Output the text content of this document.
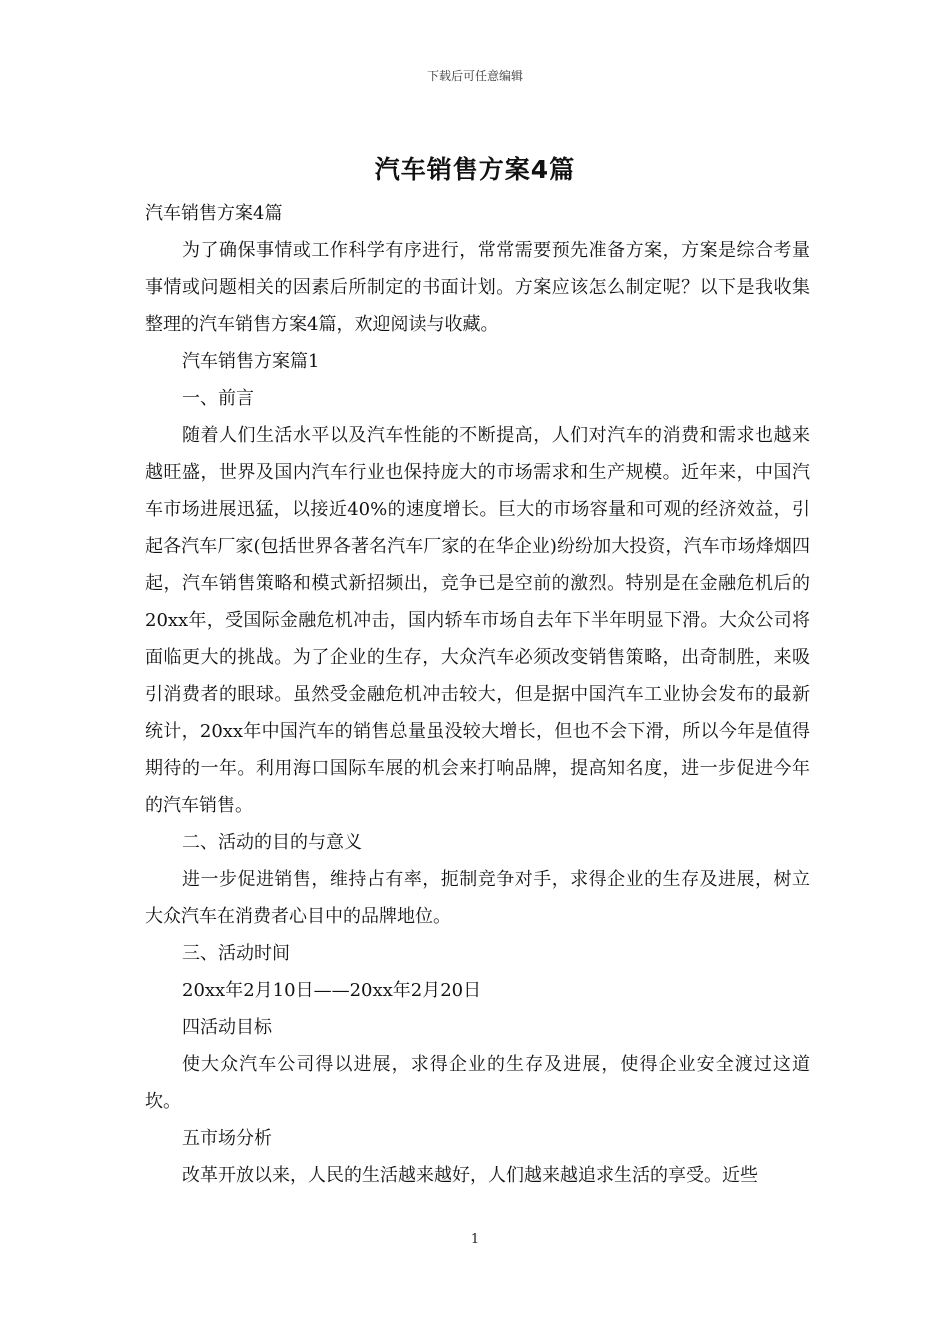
下载后可任意编辑
汽车销售方案4篇

汽车销售方案4篇

为了确保事情或工作科学有序进行，常常需要预先准备方案，方案是综合考量事情或问题相关的因素后所制定的书面计划。方案应该怎么制定呢？以下是我收集整理的汽车销售方案4篇，欢迎阅读与收藏。

汽车销售方案篇1

一、前言

随着人们生活水平以及汽车性能的不断提高，人们对汽车的消费和需求也越来越旺盛，世界及国内汽车行业也保持庞大的市场需求和生产规模。近年来，中国汽车市场进展迅猛，以接近40%的速度增长。巨大的市场容量和可观的经济效益，引起各汽车厂家(包括世界各著名汽车厂家的在华企业)纷纷加大投资，汽车市场烽烟四起，汽车销售策略和模式新招频出，竞争已是空前的激烈。特别是在金融危机后的20xx年，受国际金融危机冲击，国内轿车市场自去年下半年明显下滑。大众公司将面临更大的挑战。为了企业的生存，大众汽车必须改变销售策略，出奇制胜，来吸引消费者的眼球。虽然受金融危机冲击较大，但是据中国汽车工业协会发布的最新统计，20xx年中国汽车的销售总量虽没较大增长，但也不会下滑，所以今年是值得期待的一年。利用海口国际车展的机会来打响品牌，提高知名度，进一步促进今年的汽车销售。

二、活动的目的与意义

进一步促进销售，维持占有率，扼制竞争对手，求得企业的生存及进展，树立大众汽车在消费者心目中的品牌地位。

三、活动时间

20xx年2月10日——20xx年2月20日

四活动目标

使大众汽车公司得以进展，求得企业的生存及进展，使得企业安全渡过这道坎。

五市场分析

改革开放以来，人民的生活越来越好，人们越来越追求生活的享受。近些

1
